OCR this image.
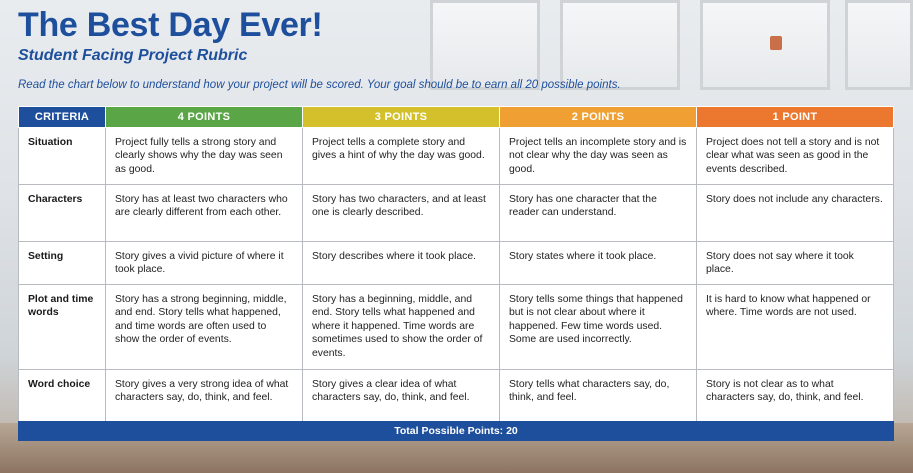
The Best Day Ever!
Student Facing Project Rubric
Read the chart below to understand how your project will be scored. Your goal should be to earn all 20 possible points.
CRITERIA	4 POINTS	3 POINTS	2 POINTS	1 POINT
Situation	Project fully tells a strong story and clearly shows why the day was seen as good.	Project tells a complete story and gives a hint of why the day was good.	Project tells an incomplete story and is not clear why the day was seen as good.	Project does not tell a story and is not clear what was seen as good in the events described.
Characters	Story has at least two characters who are clearly different from each other.	Story has two characters, and at least one is clearly described.	Story has one character that the reader can understand.	Story does not include any characters.
Setting	Story gives a vivid picture of where it took place.	Story describes where it took place.	Story states where it took place.	Story does not say where it took place.
Plot and time words	Story has a strong beginning, middle, and end. Story tells what happened, and time words are often used to show the order of events.	Story has a beginning, middle, and end. Story tells what happened and where it happened. Time words are sometimes used to show the order of events.	Story tells some things that happened but is not clear about where it happened. Few time words used. Some are used incorrectly.	It is hard to know what happened or where. Time words are not used.
Word choice	Story gives a very strong idea of what characters say, do, think, and feel.	Story gives a clear idea of what characters say, do, think, and feel.	Story tells what characters say, do, think, and feel.	Story is not clear as to what characters say, do, think, and feel.
Total Possible Points: 20
